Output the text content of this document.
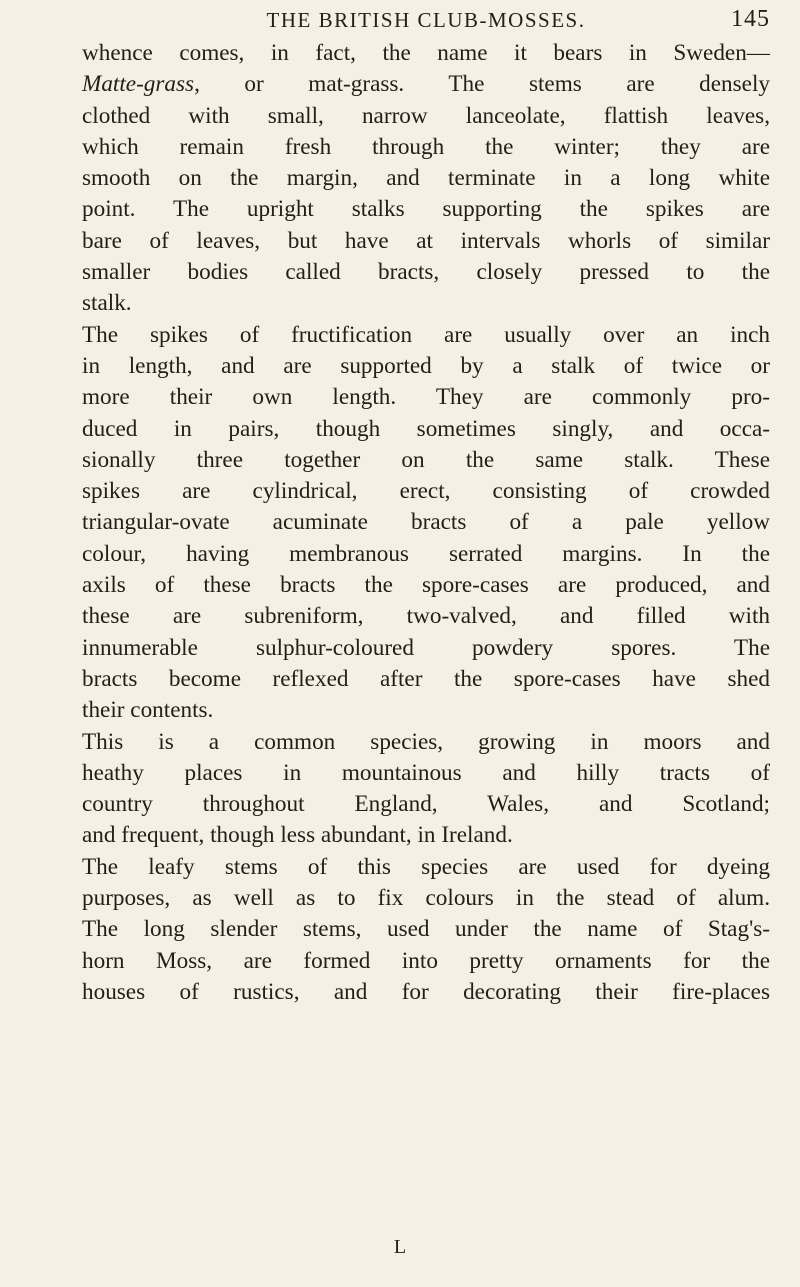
THE BRITISH CLUB-MOSSES.	145
whence comes, in fact, the name it bears in Sweden—
Matte-grass, or mat-grass. The stems are densely
clothed with small, narrow lanceolate, flattish leaves,
which remain fresh through the winter; they are
smooth on the margin, and terminate in a long white
point. The upright stalks supporting the spikes are
bare of leaves, but have at intervals whorls of similar
smaller bodies called bracts, closely pressed to the
stalk.
The spikes of fructification are usually over an inch
in length, and are supported by a stalk of twice or
more their own length. They are commonly pro-
duced in pairs, though sometimes singly, and occa-
sionally three together on the same stalk. These
spikes are cylindrical, erect, consisting of crowded
triangular-ovate acuminate bracts of a pale yellow
colour, having membranous serrated margins. In the
axils of these bracts the spore-cases are produced, and
these are subreniform, two-valved, and filled with
innumerable sulphur-coloured powdery spores. The
bracts become reflexed after the spore-cases have shed
their contents.
This is a common species, growing in moors and
heathy places in mountainous and hilly tracts of
country throughout England, Wales, and Scotland;
and frequent, though less abundant, in Ireland.
The leafy stems of this species are used for dyeing
purposes, as well as to fix colours in the stead of alum.
The long slender stems, used under the name of Stag's-
horn Moss, are formed into pretty ornaments for the
houses of rustics, and for decorating their fire-places
L
